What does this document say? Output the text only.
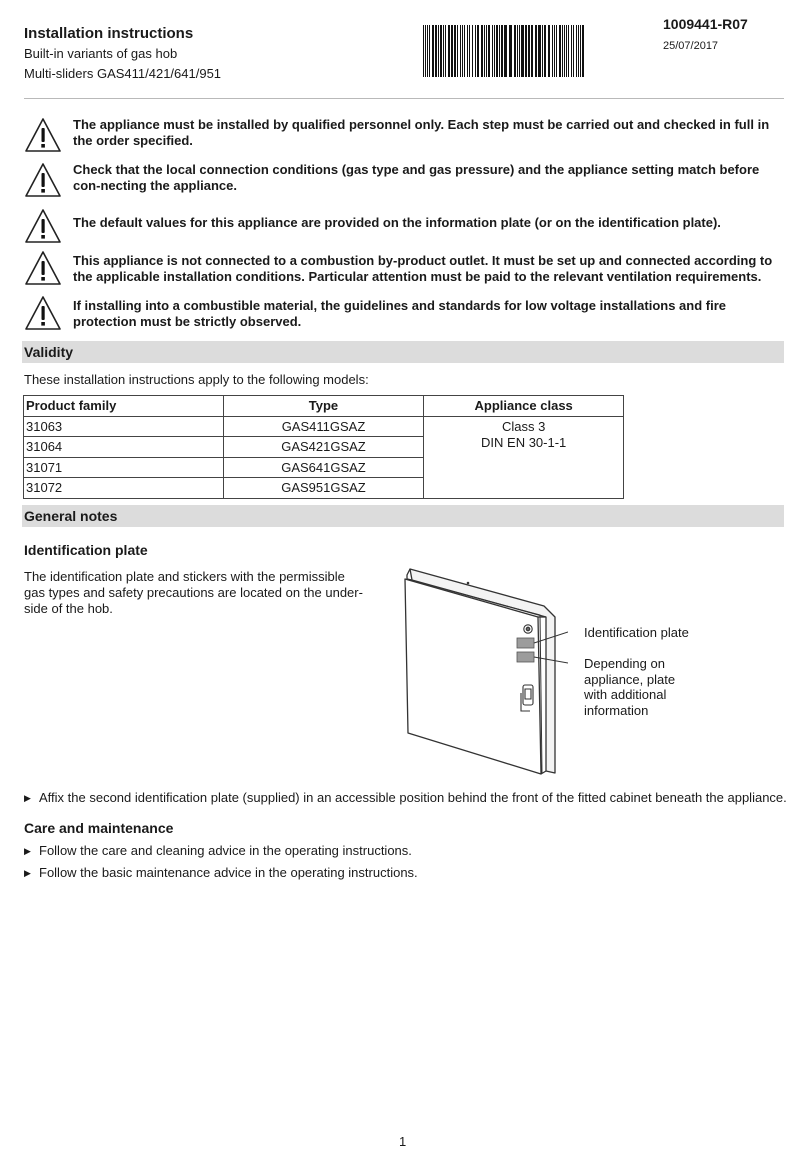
Installation instructions
Built-in variants of gas hob
Multi-sliders GAS411/421/641/951
1009441-R07
25/07/2017
The appliance must be installed by qualified personnel only. Each step must be carried out and checked in full in the order specified.
Check that the local connection conditions (gas type and gas pressure) and the appliance setting match before con-necting the appliance.
The default values for this appliance are provided on the information plate (or on the identification plate).
This appliance is not connected to a combustion by-product outlet. It must be set up and connected according to the applicable installation conditions. Particular attention must be paid to the relevant ventilation requirements.
If installing into a combustible material, the guidelines and standards for low voltage installations and fire protection must be strictly observed.
Validity
These installation instructions apply to the following models:
Product family	Type	Appliance class
31063	GAS411GSAZ	Class 3
DIN EN 30-1-1

31064	GAS421GSAZ	
31071	GAS641GSAZ	
31072	GAS951GSAZ	
General notes
Identification plate
The identification plate and stickers with the permissible
gas types and safety precautions are located on the under-
side of the hob.
Identification plate
Depending on
appliance, plate
with additional
information
▶ Affix the second identification plate (supplied) in an accessible position behind the front of the fitted cabinet beneath the appliance.
Care and maintenance
▶ Follow the care and cleaning advice in the operating instructions.
▶ Follow the basic maintenance advice in the operating instructions.
1
